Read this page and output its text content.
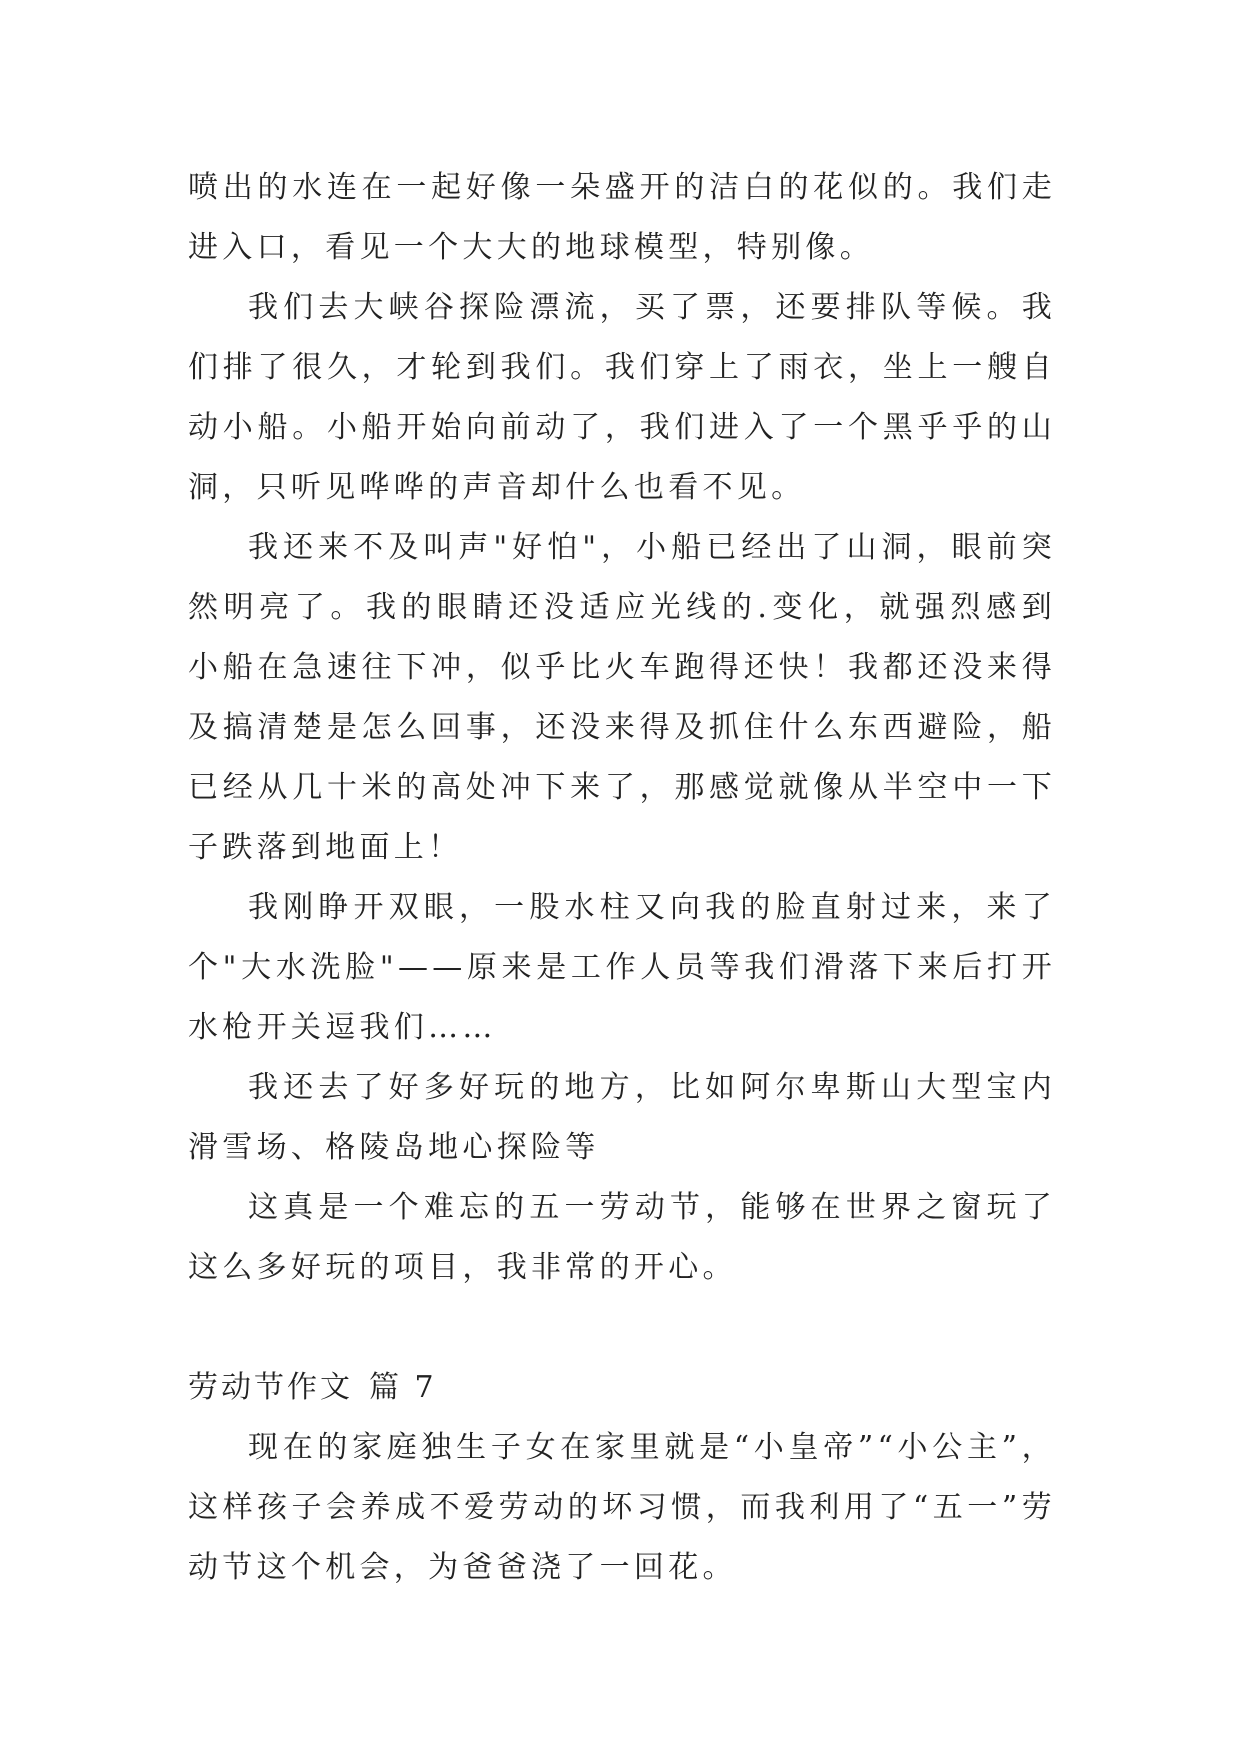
喷出的水连在一起好像一朵盛开的洁白的花似的。我们走进入口，看见一个大大的地球模型，特别像。

我们去大峡谷探险漂流，买了票，还要排队等候。我们排了很久，才轮到我们。我们穿上了雨衣，坐上一艘自动小船。小船开始向前动了，我们进入了一个黑乎乎的山洞，只听见哗哗的声音却什么也看不见。

我还来不及叫声"好怕"，小船已经出了山洞，眼前突然明亮了。我的眼睛还没适应光线的.变化，就强烈感到小船在急速往下冲，似乎比火车跑得还快！我都还没来得及搞清楚是怎么回事，还没来得及抓住什么东西避险，船已经从几十米的高处冲下来了，那感觉就像从半空中一下子跌落到地面上！

我刚睁开双眼，一股水柱又向我的脸直射过来，来了个"大水洗脸"——原来是工作人员等我们滑落下来后打开水枪开关逗我们……

我还去了好多好玩的地方，比如阿尔卑斯山大型宝内滑雪场、格陵岛地心探险等

这真是一个难忘的五一劳动节，能够在世界之窗玩了这么多好玩的项目，我非常的开心。

劳动节作文 篇 7

现在的家庭独生子女在家里就是“小皇帝”“小公主”，这样孩子会养成不爱劳动的坏习惯，而我利用了“五一”劳动节这个机会，为爸爸浇了一回花。
